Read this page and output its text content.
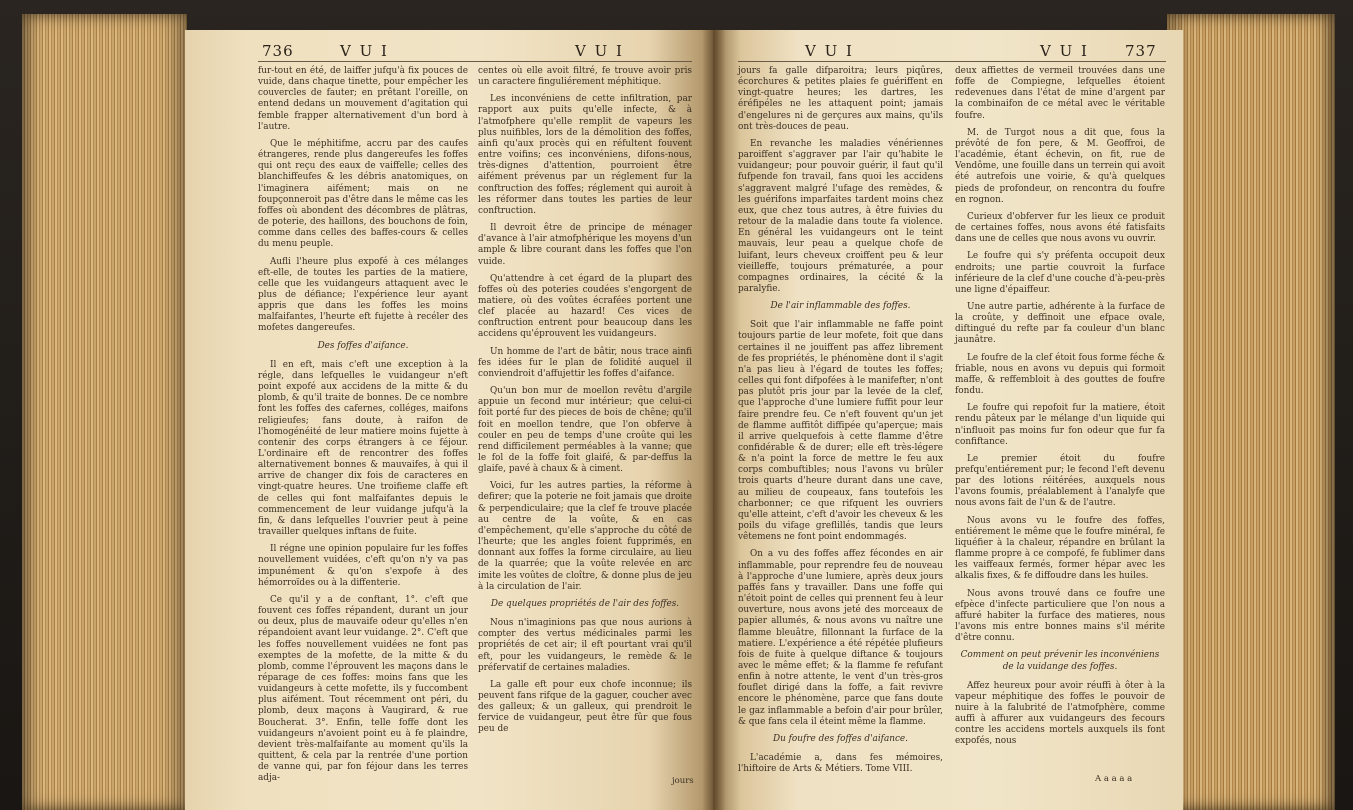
736	V U I	V U I	V U I	V U I 737

fur-tout en été, de laiffer jufqu'à fix pouces de vuide, dans chaque tinette, pour empêcher les couvercles de fauter; en prêtant l'oreille, on entend dedans un mouvement d'agitation qui femble frapper alternativement d'un bord à l'autre.

Que le méphitifme, accru par des caufes étrangeres, rende plus dangereufes les foffes qui ont reçu des eaux de vaiffelle; celles des blanchiffeufes & les débris anatomiques, on l'imaginera aifément; mais on ne foupçonneroit pas d'être dans le même cas les foffes où abondent des décombres de plâtras, de poterie, des haillons, des bouchons de foin, comme dans celles des baffes-cours & celles du menu peuple.

Aufli l'heure plus expofé à ces mélanges eft-elle, de toutes les parties de la matiere, celle que les vuidangeurs attaquent avec le plus de défiance; l'expérience leur ayant appris que dans les foffes les moins malfaifantes, l'heurte eft fujette à recéler des mofetes dangereufes.

Des foffes d'aifance.

Il en eft, mais c'eft une exception à la régle, dans lefquelles le vuidangeur n'eft point expofé aux accidens de la mitte & du plomb, & qu'il traite de bonnes. De ce nombre font les foffes des cafernes, colléges, maifons religieufes; fans doute, à raifon de l'homogénéité de leur matiere moins fujette à contenir des corps étrangers à ce féjour. L'ordinaire eft de rencontrer des foffes alternativement bonnes & mauvaifes, à qui il arrive de changer dix fois de caracteres en vingt-quatre heures. Une troifieme claffe eft de celles qui font malfaifantes depuis le commencement de leur vuidange jufqu'à la fin, & dans lefquelles l'ouvrier peut à peine travailler quelques inftans de fuite.

Il régne une opinion populaire fur les foffes nouvellement vuidées, c'eft qu'on n'y va pas impunément & qu'on s'expofe à des hémorroïdes ou à la diffenterie.

Ce qu'il y a de conftant, 1°. c'eft que fouvent ces foffes répandent, durant un jour ou deux, plus de mauvaife odeur qu'elles n'en répandoient avant leur vuidange. 2°. C'eft que les foffes nouvellement vuidées ne font pas exemptes de la mofette, de la mitte & du plomb, comme l'éprouvent les maçons dans le réparage de ces foffes: moins fans que les vuidangeurs à cette mofette, ils y fuccombent plus aifément. Tout récemment ont péri, du plomb, deux maçons à Vaugirard, & rue Boucherat. 3°. Enfin, telle foffe dont les vuidangeurs n'avoient point eu à fe plaindre, devient très-malfaifante au moment qu'ils la quittent, & cela par la rentrée d'une portion de vanne qui, par fon féjour dans les terres adja-

centes où elle avoit filtré, fe trouve avoir pris un caractere finguliérement méphitique.

Les inconvéniens de cette infiltration, par rapport aux puits qu'elle infecte, & à l'atmofphere qu'elle remplit de vapeurs les plus nuifibles, lors de la démolition des foffes, ainfi qu'aux procès qui en réfultent fouvent entre voifins; ces inconvéniens, difons-nous, très-dignes d'attention, pourroient être aifément prévenus par un réglement fur la conftruction des foffes; réglement qui auroit à les réformer dans toutes les parties de leur conftruction.

Il devroit être de principe de ménager d'avance à l'air atmofphérique les moyens d'un ample & libre courant dans les foffes que l'on vuide.

Qu'attendre à cet égard de la plupart des foffes où des poteries coudées s'engorgent de matiere, où des voûtes écrafées portent une clef placée au hazard! Ces vices de conftruction entrent pour beaucoup dans les accidens qu'éprouvent les vuidangeurs.

Un homme de l'art de bâtir, nous trace ainfi fes idées fur le plan de folidité auquel il conviendroit d'affujettir les foffes d'aifance.

Qu'un bon mur de moellon revêtu d'argile appuie un fecond mur intérieur; que celui-ci foit porté fur des pieces de bois de chêne; qu'il foit en moellon tendre, que l'on obferve à couler en peu de temps d'une croûte qui les rend difficilement perméables à la vanne; que le fol de la foffe foit glaifé, & par-deffus la glaife, pavé à chaux & à ciment.

Voici, fur les autres parties, la réforme à defirer; que la poterie ne foit jamais que droite & perpendiculaire; que la clef fe trouve placée au centre de la voûte, & en cas d'empêchement, qu'elle s'approche du côté de l'heurte; que les angles foient fupprimés, en donnant aux foffes la forme circulaire, au lieu de la quarrée; que la voûte relevée en arc imite les voûtes de cloître, & donne plus de jeu à la circulation de l'air.

De quelques propriétés de l'air des foffes.

Nous n'imaginions pas que nous aurions à compter des vertus médicinales parmi les propriétés de cet air; il eft pourtant vrai qu'il eft, pour les vuidangeurs, le remède & le préfervatif de certaines maladies.

La galle eft pour eux chofe inconnue; ils peuvent fans rifque de la gaguer, coucher avec des galleux; & un galleux, qui prendroit le fervice de vuidangeur, peut être fûr que fous peu de

jours fa galle difparoitra; leurs piqûres, écorchures & petites plaies fe guériffent en vingt-quatre heures; les dartres, les éréfipéles ne les attaquent point; jamais d'engelures ni de gerçures aux mains, qu'ils ont très-douces de peau.

En revanche les maladies vénériennes paroiffent s'aggraver par l'air qu'habite le vuidangeur; pour pouvoir guérir, il faut qu'il fufpende fon travail, fans quoi les accidens s'aggravent malgré l'ufage des remèdes, & les guérifons imparfaites tardent moins chez eux, que chez tous autres, à être fuivies du retour de la maladie dans toute fa violence. En général les vuidangeurs ont le teint mauvais, leur peau a quelque chofe de luifant, leurs cheveux croiffent peu & leur vieilleffe, toujours prématurée, a pour compagnes ordinaires, la cécité & la paralyfie.

De l'air inflammable des foffes.

Soit que l'air inflammable ne faffe point toujours partie de leur mofete, foit que dans certaines il ne jouiffent pas affez librement de fes propriétés, le phénomène dont il s'agit n'a pas lieu à l'égard de toutes les foffes; celles qui font difpofées à le manifefter, n'ont pas plutôt pris jour par la levée de la clef, que l'approche d'une lumiere fuffit pour leur faire prendre feu. Ce n'eft fouvent qu'un jet de flamme auffitôt diffipée qu'aperçue; mais il arrive quelquefois à cette flamme d'être confidérable & de durer; elle eft très-légere & n'a point la force de mettre le feu aux corps combuftibles; nous l'avons vu brûler trois quarts d'heure durant dans une cave, au milieu de coupeaux, fans toutefois les charbonner; ce que rifquent les ouvriers qu'elle atteint, c'eft d'avoir les cheveux & les poils du vifage greflillés, tandis que leurs vêtemens ne font point endommagés.

On a vu des foffes affez fécondes en air inflammable, pour reprendre feu de nouveau à l'approche d'une lumiere, après deux jours paffés fans y travailler. Dans une foffe qui n'étoit point de celles qui prennent feu à leur ouverture, nous avons jeté des morceaux de papier allumés, & nous avons vu naître une flamme bleuâtre, fillonnant la furface de la matiere. L'expérience a été répétée plufieurs fois de fuite à quelque diftance & toujours avec le même effet; & la flamme fe refufant enfin à notre attente, le vent d'un très-gros fouflet dirigé dans la foffe, a fait revivre encore le phénomène, parce que fans doute le gaz inflammable a befoin d'air pour brûler, & que fans cela il éteint même la flamme.

Du foufre des foffes d'aifance.

L'académie a, dans fes mémoires, l'hiftoire de Arts & Métiers. Tome VIII.

deux affiettes de vermeil trouvées dans une foffe de Compiegne, lefquelles étoient redevenues dans l'état de mine d'argent par la combinaifon de ce métal avec le véritable foufre.

M. de Turgot nous a dit que, fous la prévôté de fon pere, & M. Geoffroi, de l'académie, étant échevin, on fit, rue de Vendôme, une fouille dans un terrein qui avoit été autrefois une voirie, & qu'à quelques pieds de profondeur, on rencontra du foufre en rognon.

Curieux d'obferver fur les lieux ce produit de certaines foffes, nous avons été fatisfaits dans une de celles que nous avons vu ouvrir.

Le foufre qui s'y préfenta occupoit deux endroits; une partie couvroit la furface inférieure de la clef d'une couche d'à-peu-près une ligne d'épaiffeur.

Une autre partie, adhérente à la furface de la croûte, y deffinoit une efpace ovale, diftingué du refte par fa couleur d'un blanc jaunâtre.

Le foufre de la clef étoit fous forme féche & friable, nous en avons vu depuis qui formoit maffe, & reffembloit à des gouttes de foufre fondu.

Le foufre qui repofoit fur la matiere, étoit rendu pâteux par le mélange d'un liquide qui n'influoit pas moins fur fon odeur que fur fa confiftance.

Le premier étoit du foufre prefqu'entiérement pur; le fecond l'eft devenu par des lotions réitérées, auxquels nous l'avons foumis, préalablement à l'analyfe que nous avons fait de l'un & de l'autre.

Nous avons vu le foufre des foffes, entiérement le même que le foufre minéral, fe liquéfier à la chaleur, répandre en brûlant la flamme propre à ce compofé, fe fublimer dans les vaiffeaux fermés, former hépar avec les alkalis fixes, & fe diffoudre dans les huiles.

Nous avons trouvé dans ce foufre une efpèce d'infecte particuliere que l'on nous a affuré habiter la furface des matieres, nous l'avons mis entre bonnes mains s'il mérite d'être connu.

Comment on peut prévenir les inconvéniens de la vuidange des foffes.

Affez heureux pour avoir réuffi à ôter à la vapeur méphitique des foffes le pouvoir de nuire à la falubrité de l'atmofphère, comme auffi à affurer aux vuidangeurs des fecours contre les accidens mortels auxquels ils font expofés, nous

jours	A a a a a
